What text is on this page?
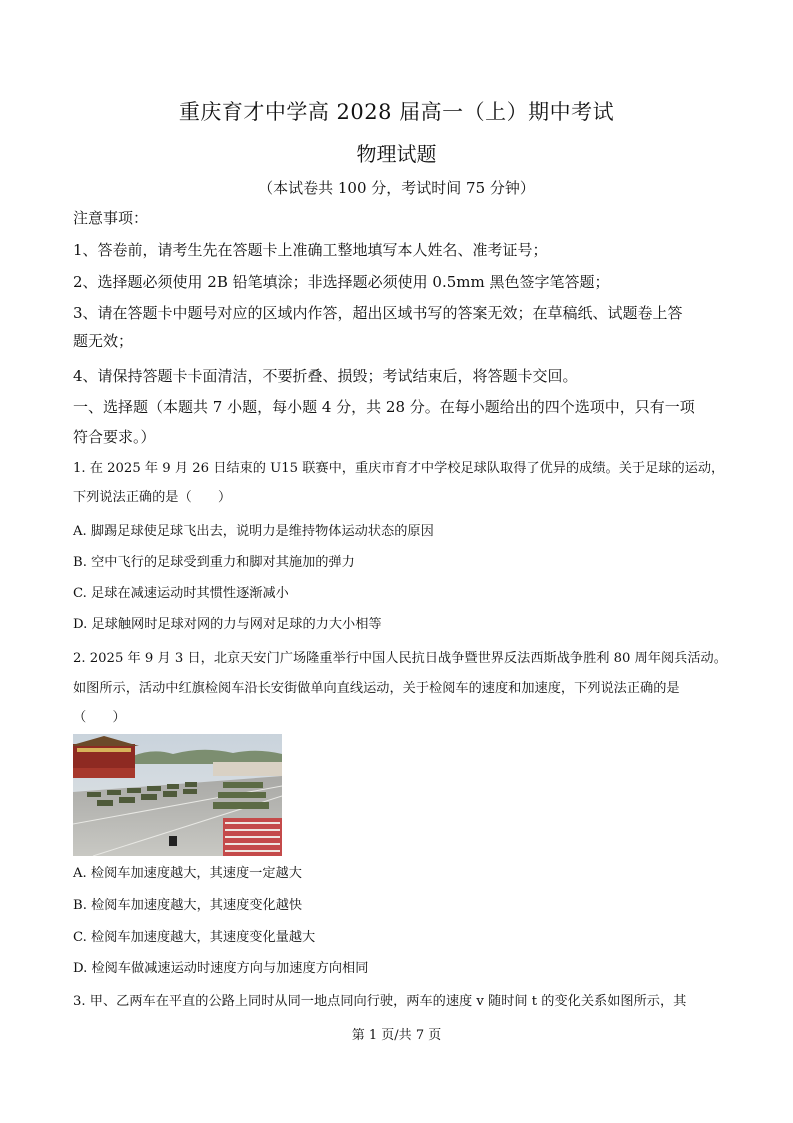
重庆育才中学高 2028 届高一（上）期中考试
物理试题
（本试卷共 100 分，考试时间 75 分钟）
注意事项：
1、答卷前，请考生先在答题卡上准确工整地填写本人姓名、准考证号；
2、选择题必须使用 2B 铅笔填涂；非选择题必须使用 0.5mm 黑色签字笔答题；
3、请在答题卡中题号对应的区域内作答，超出区域书写的答案无效；在草稿纸、试题卷上答
题无效；
4、请保持答题卡卡面清洁，不要折叠、损毁；考试结束后，将答题卡交回。
一、选择题（本题共 7 小题，每小题 4 分，共 28 分。在每小题给出的四个选项中，只有一项
符合要求。）
1. 在 2025 年 9 月 26 日结束的 U15 联赛中，重庆市育才中学校足球队取得了优异的成绩。关于足球的运动，
下列说法正确的是（　　）
A. 脚踢足球使足球飞出去，说明力是维持物体运动状态的原因
B. 空中飞行的足球受到重力和脚对其施加的弹力
C. 足球在减速运动时其惯性逐渐减小
D. 足球触网时足球对网的力与网对足球的力大小相等
2. 2025 年 9 月 3 日，北京天安门广场隆重举行中国人民抗日战争暨世界反法西斯战争胜利 80 周年阅兵活动。
如图所示，活动中红旗检阅车沿长安街做单向直线运动，关于检阅车的速度和加速度，下列说法正确的是
（　　）
A. 检阅车加速度越大，其速度一定越大
B. 检阅车加速度越大，其速度变化越快
C. 检阅车加速度越大，其速度变化量越大
D. 检阅车做减速运动时速度方向与加速度方向相同
3. 甲、乙两车在平直的公路上同时从同一地点同向行驶，两车的速度 v 随时间 t 的变化关系如图所示，其
第 1 页/共 7 页
